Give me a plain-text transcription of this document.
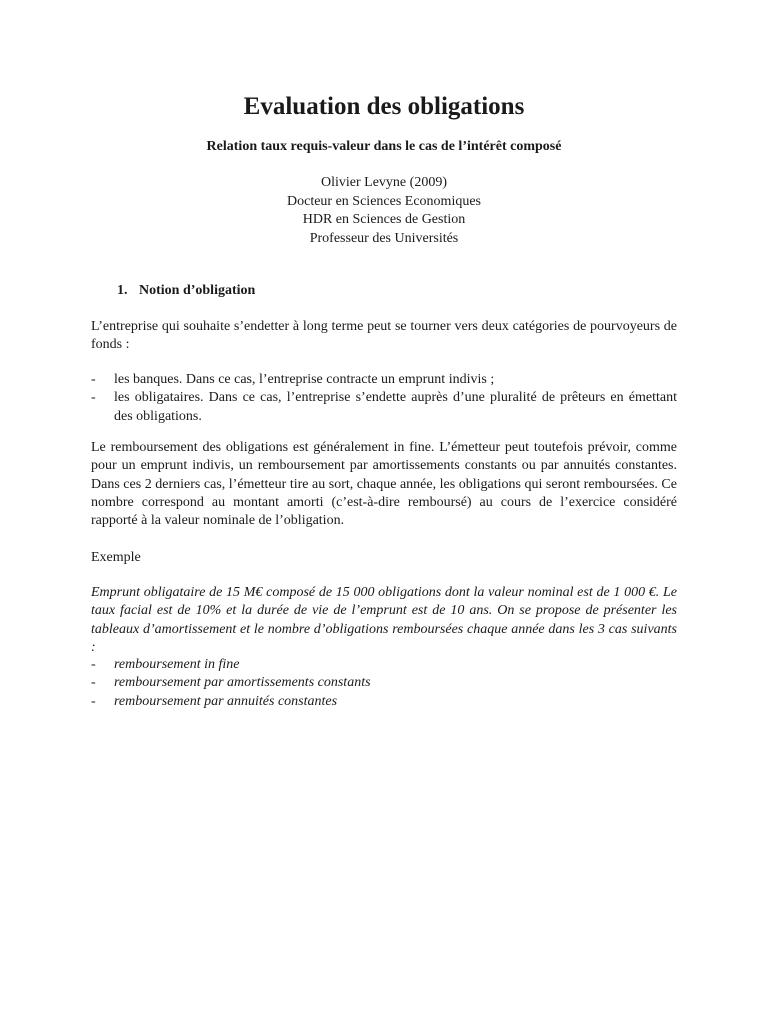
Evaluation des obligations
Relation taux requis-valeur dans le cas de l’intérêt composé
Olivier Levyne (2009)
Docteur en Sciences Economiques
HDR en Sciences de Gestion
Professeur des Universités
1. Notion d’obligation
L’entreprise qui souhaite s’endetter à long terme peut se tourner vers deux catégories de pourvoyeurs de fonds :
- les banques. Dans ce cas, l’entreprise contracte un emprunt indivis ;
- les obligataires. Dans ce cas, l’entreprise s’endette auprès d’une pluralité de prêteurs en émettant des obligations.
Le remboursement des obligations est généralement in fine. L’émetteur peut toutefois prévoir, comme pour un emprunt indivis, un remboursement par amortissements constants ou par annuités constantes. Dans ces 2 derniers cas, l’émetteur tire au sort, chaque année, les obligations qui seront remboursées. Ce nombre correspond au montant amorti (c’est-à-dire remboursé) au cours de l’exercice considéré rapporté à la valeur nominale de l’obligation.
Exemple
Emprunt obligataire de 15 M€ composé de 15 000 obligations dont la valeur nominal est de 1 000 €. Le taux facial est de 10% et la durée de vie de l’emprunt est de 10 ans. On se propose de présenter les tableaux d’amortissement et le nombre d’obligations remboursées chaque année dans les 3 cas suivants :
- remboursement in fine
- remboursement par amortissements constants
- remboursement par annuités constantes
